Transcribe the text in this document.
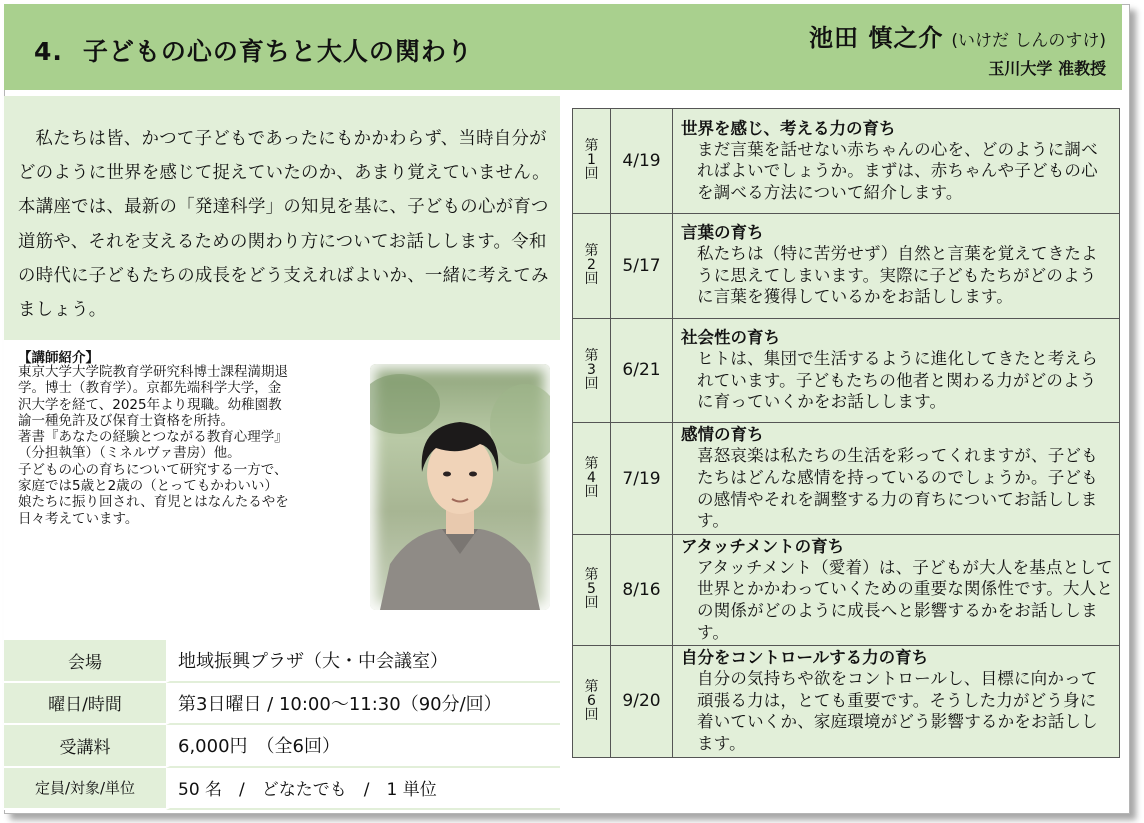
4. 子どもの心の育ちと大人の関わり	池田 慎之介 (いけだ しんのすけ)
玉川大学 准教授

私たちは皆、かつて子どもであったにもかかわらず、当時自分がどのように世界を感じて捉えていたのか、あまり覚えていません。本講座では、最新の「発達科学」の知見を基に、子どもの心が育つ道筋や、それを支えるための関わり方についてお話しします。令和の時代に子どもたちの成長をどう支えればよいか、一緒に考えてみましょう。

【講師紹介】
東京大学大学院教育学研究科博士課程満期退
学。博士（教育学）。京都先端科学大学，金
沢大学を経て、2025年より現職。幼稚園教
諭一種免許及び保育士資格を所持。
著書『あなたの経験とつながる教育心理学』
（分担執筆）（ミネルヴァ書房）他。
子どもの心の育ちについて研究する一方で、
家庭では5歳と2歳の（とってもかわいい）
娘たちに振り回され、育児とはなんたるやを
日々考えています。
会場	地域振興プラザ（大・中会議室）
曜日/時間	第3日曜日 / 10:00～11:30（90分/回）
受講料	6,000円　（全6回）
定員/対象/単位	50 名　/　どなたでも　/　1 単位
第1回	4/19	世界を感じ、考える力の育ち
まだ言葉を話せない赤ちゃんの心を、どのように調べればよいでしょうか。まずは、赤ちゃんや子どもの心を調べる方法について紹介します。

第2回	5/17	言葉の育ち
私たちは（特に苦労せず）自然と言葉を覚えてきたように思えてしまいます。実際に子どもたちがどのように言葉を獲得しているかをお話しします。

第3回	6/21	社会性の育ち
ヒトは、集団で生活するように進化してきたと考えられています。子どもたちの他者と関わる力がどのように育っていくかをお話しします。

第4回	7/19	感情の育ち
喜怒哀楽は私たちの生活を彩ってくれますが、子どもたちはどんな感情を持っているのでしょうか。子どもの感情やそれを調整する力の育ちについてお話しします。

第5回	8/16	アタッチメントの育ち
アタッチメント（愛着）は、子どもが大人を基点として世界とかかわっていくための重要な関係性です。大人との関係がどのように成長へと影響するかをお話しします。

第6回	9/20	自分をコントロールする力の育ち
自分の気持ちや欲をコントロールし、目標に向かって頑張る力は，とても重要です。そうした力がどう身に着いていくか、家庭環境がどう影響するかをお話しします。
